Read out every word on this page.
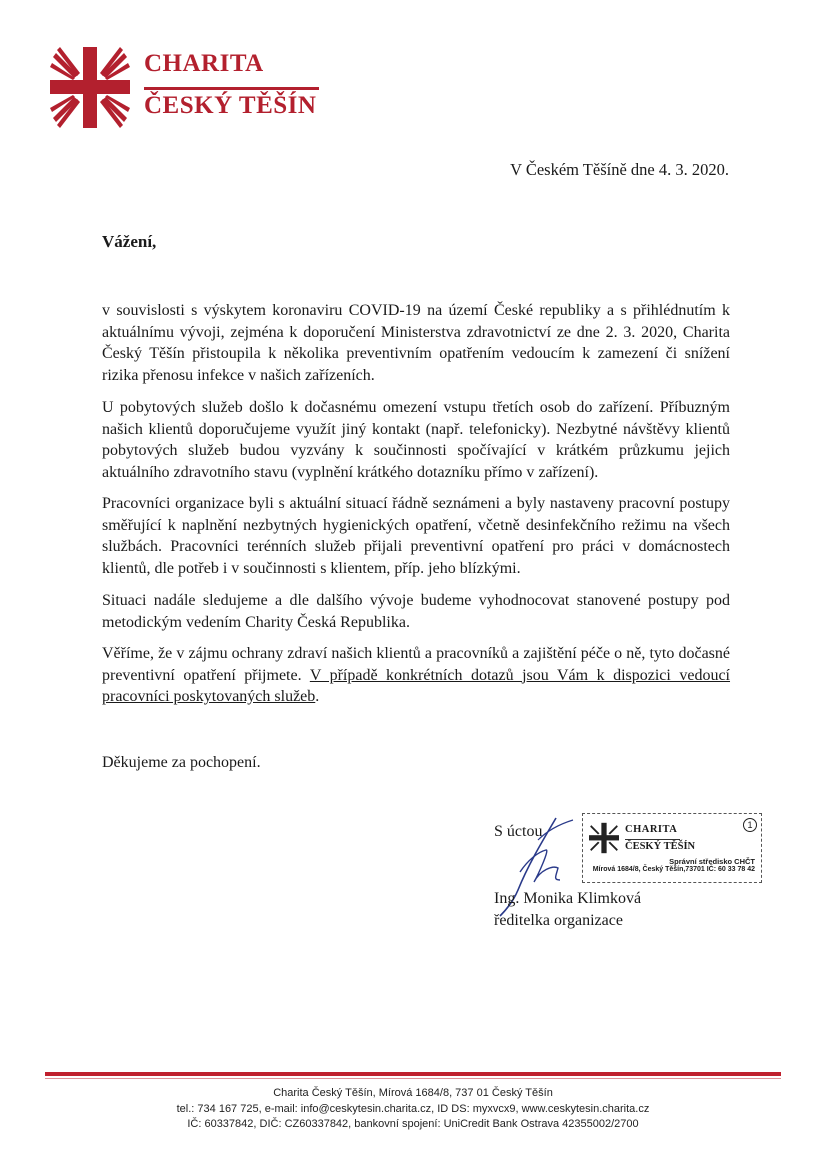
CHARITA
ČESKÝ TĚŠÍN
V Českém Těšíně dne 4. 3. 2020.
Vážení,

v souvislosti s výskytem koronaviru COVID-19 na území České republiky a s přihlédnutím k aktuálnímu vývoji, zejména k doporučení Ministerstva zdravotnictví ze dne 2. 3. 2020, Charita Český Těšín přistoupila k několika preventivním opatřením vedoucím k zamezení či snížení rizika přenosu infekce v našich zařízeních.

U pobytových služeb došlo k dočasnému omezení vstupu třetích osob do zařízení. Příbuzným našich klientů doporučujeme využít jiný kontakt (např. telefonicky). Nezbytné návštěvy klientů pobytových služeb budou vyzvány k součinnosti spočívající v krátkém průzkumu jejich aktuálního zdravotního stavu (vyplnění krátkého dotazníku přímo v zařízení).

Pracovníci organizace byli s aktuální situací řádně seznámeni a byly nastaveny pracovní postupy směřující k naplnění nezbytných hygienických opatření, včetně desinfekčního režimu na všech službách. Pracovníci terénních služeb přijali preventivní opatření pro práci v domácnostech klientů, dle potřeb i v součinnosti s klientem, příp. jeho blízkými.

Situaci nadále sledujeme a dle dalšího vývoje budeme vyhodnocovat stanovené postupy pod metodickým vedením Charity Česká Republika.

Věříme, že v zájmu ochrany zdraví našich klientů a pracovníků a zajištění péče o ně, tyto dočasné preventivní opatření přijmete. V případě konkrétních dotazů jsou Vám k dispozici vedoucí pracovníci poskytovaných služeb.

Děkujeme za pochopení.
S úctou
Ing. Monika Klimková
ředitelka organizace
CHARITA
ČESKÝ TĚŠÍN
1
Správní středisko CHČT
Mírová 1684/8, Český Těšín,73701 IČ: 60 33 78 42
Charita Český Těšín, Mírová 1684/8, 737 01 Český Těšín
tel.: 734 167 725, e-mail: info@ceskytesin.charita.cz, ID DS: myxvcx9, www.ceskytesin.charita.cz
IČ: 60337842, DIČ: CZ60337842, bankovní spojení: UniCredit Bank Ostrava 42355002/2700
